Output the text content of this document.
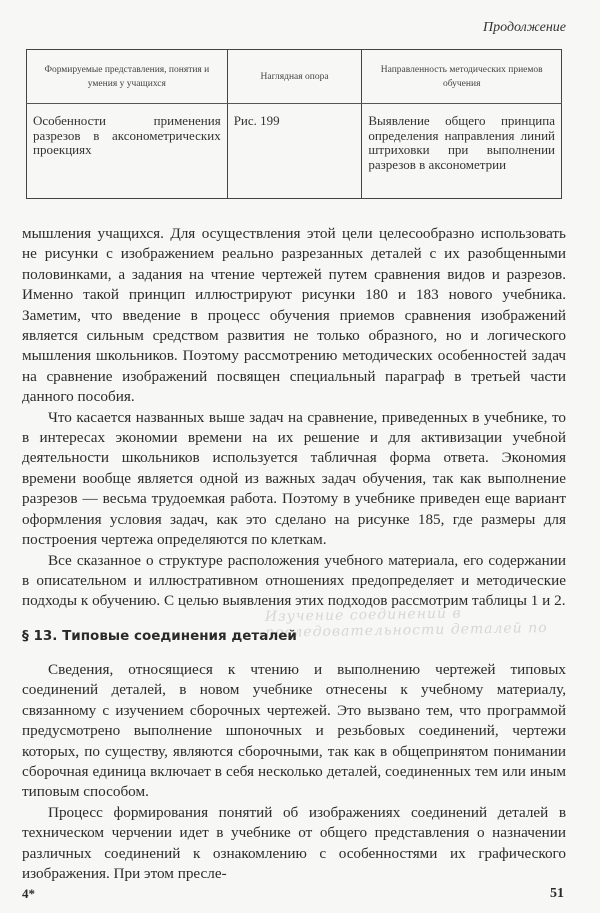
Продолжение
Формируемые представления, понятия и умения у учащихся	Наглядная опора	Направленность методических приемов обучения
Особенности применения разрезов в аксонометрических проекциях	Рис. 199	Выявление общего принципа определения направления линий штриховки при выполнении разрезов в аксонометрии

мышления учащихся. Для осуществления этой цели целесообразно использовать не рисунки с изображением реально разрезанных деталей с их разобщенными половинками, а задания на чтение чертежей путем сравнения видов и разрезов. Именно такой принцип иллюстрируют рисунки 180 и 183 нового учебника. Заметим, что введение в процесс обучения приемов сравнения изображений является сильным средством развития не только образного, но и логического мышления школьников. Поэтому рассмотрению методических особенностей задач на сравнение изображений посвящен специальный параграф в третьей части данного пособия.

Что касается названных выше задач на сравнение, приведенных в учебнике, то в интересах экономии времени на их решение и для активизации учебной деятельности школьников используется табличная форма ответа. Экономия времени вообще является одной из важных задач обучения, так как выполнение разрезов — весьма трудоемкая работа. Поэтому в учебнике приведен еще вариант оформления условия задач, как это сделано на рисунке 185, где размеры для построения чертежа определяются по клеткам.

Все сказанное о структуре расположения учебного материала, его содержании в описательном и иллюстративном отношениях предопределяет и методические подходы к обучению. С целью выявления этих подходов рассмотрим таблицы 1 и 2.

Изучение соединений в последовательности деталей по
§ 13. Типовые соединения деталей

Сведения, относящиеся к чтению и выполнению чертежей типовых соединений деталей, в новом учебнике отнесены к учебному материалу, связанному с изучением сборочных чертежей. Это вызвано тем, что программой предусмотрено выполнение шпоночных и резьбовых соединений, чертежи которых, по существу, являются сборочными, так как в общепринятом понимании сборочная единица включает в себя несколько деталей, соединенных тем или иным типовым способом.

Процесс формирования понятий об изображениях соединений деталей в техническом черчении идет в учебнике от общего представления о назначении различных соединений к ознакомлению с особенностями их графического изображения. При этом пресле-

4*	51
